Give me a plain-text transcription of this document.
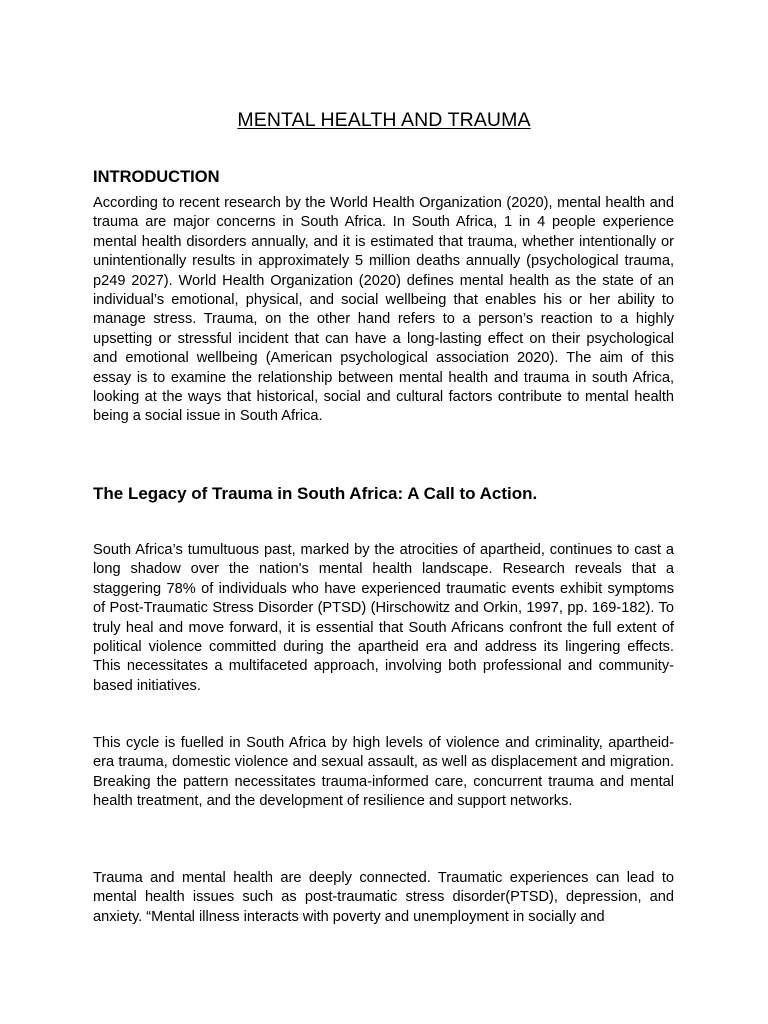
MENTAL HEALTH AND TRAUMA
INTRODUCTION

According to recent research by the World Health Organization (2020), mental health and trauma are major concerns in South Africa. In South Africa, 1 in 4 people experience mental health disorders annually, and it is estimated that trauma, whether intentionally or unintentionally results in approximately 5 million deaths annually (psychological trauma, p249 2027). World Health Organization (2020) defines mental health as the state of an individual’s emotional, physical, and social wellbeing that enables his or her ability to manage stress. Trauma, on the other hand refers to a person’s reaction to a highly upsetting or stressful incident that can have a long-lasting effect on their psychological and emotional wellbeing (American psychological association 2020). The aim of this essay is to examine the relationship between mental health and trauma in south Africa, looking at the ways that historical, social and cultural factors contribute to mental health being a social issue in South Africa.

The Legacy of Trauma in South Africa: A Call to Action.

South Africa’s tumultuous past, marked by the atrocities of apartheid, continues to cast a long shadow over the nation's mental health landscape. Research reveals that a staggering 78% of individuals who have experienced traumatic events exhibit symptoms of Post-Traumatic Stress Disorder (PTSD) (Hirschowitz and Orkin, 1997, pp. 169-182). To truly heal and move forward, it is essential that South Africans confront the full extent of political violence committed during the apartheid era and address its lingering effects. This necessitates a multifaceted approach, involving both professional and community-based initiatives.

This cycle is fuelled in South Africa by high levels of violence and criminality, apartheid-era trauma, domestic violence and sexual assault, as well as displacement and migration. Breaking the pattern necessitates trauma-informed care, concurrent trauma and mental health treatment, and the development of resilience and support networks.

Trauma and mental health are deeply connected. Traumatic experiences can lead to mental health issues such as post-traumatic stress disorder(PTSD), depression, and anxiety. “Mental illness interacts with poverty and unemployment in socially and
